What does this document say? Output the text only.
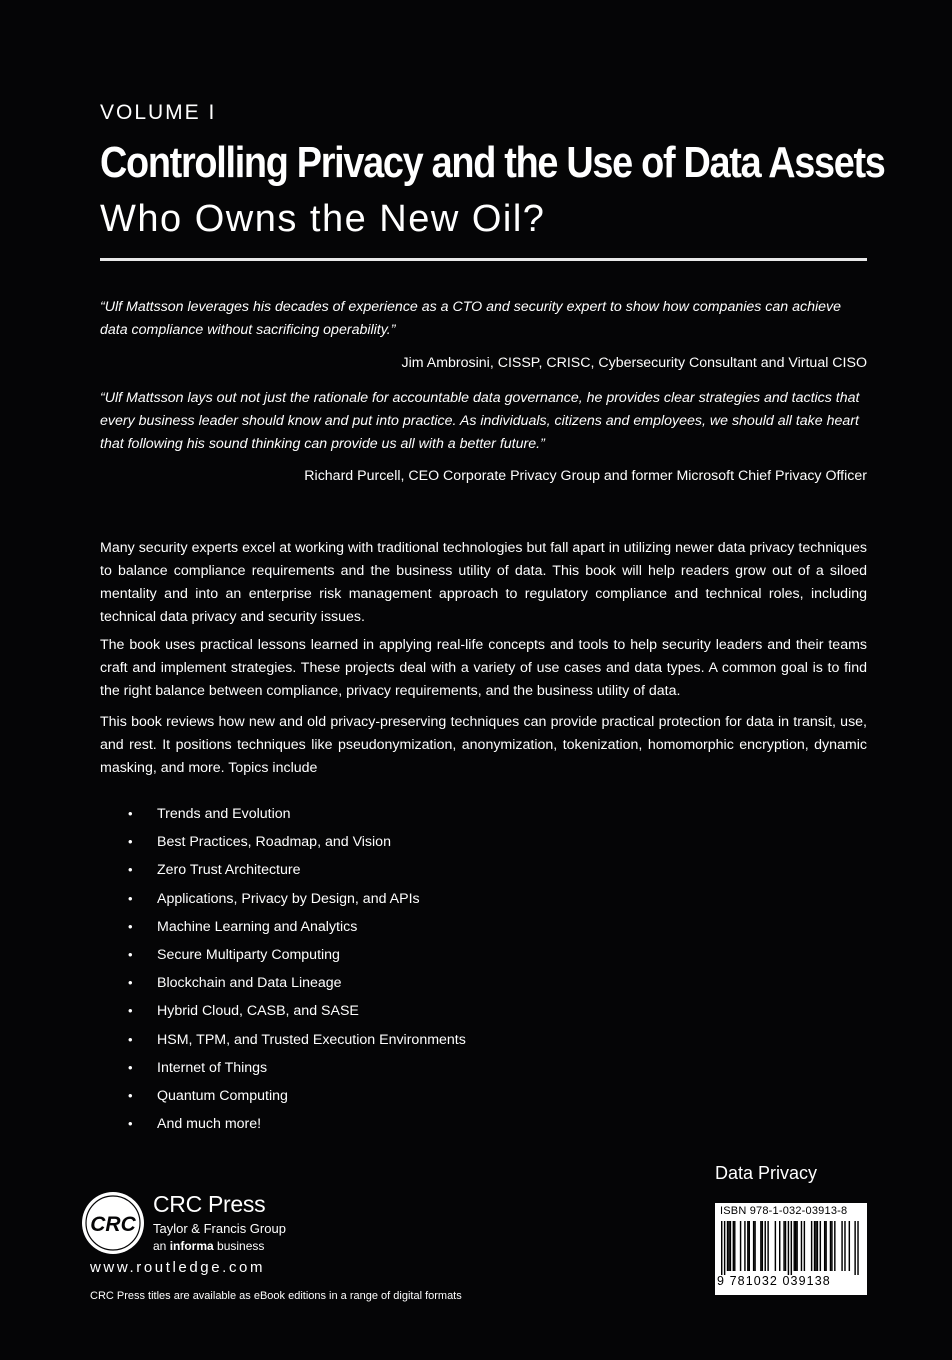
VOLUME I
Controlling Privacy and the Use of Data Assets
Who Owns the New Oil?
“Ulf Mattsson leverages his decades of experience as a CTO and security expert to show how companies can achieve data compliance without sacrificing operability.”
Jim Ambrosini, CISSP, CRISC, Cybersecurity Consultant and Virtual CISO
“Ulf Mattsson lays out not just the rationale for accountable data governance, he provides clear strategies and tactics that every business leader should know and put into practice. As individuals, citizens and employees, we should all take heart that following his sound thinking can provide us all with a better future.”
Richard Purcell, CEO Corporate Privacy Group and former Microsoft Chief Privacy Officer
Many security experts excel at working with traditional technologies but fall apart in utilizing newer data privacy techniques to balance compliance requirements and the business utility of data. This book will help readers grow out of a siloed mentality and into an enterprise risk management approach to regulatory compliance and technical roles, including technical data privacy and security issues.
The book uses practical lessons learned in applying real-life concepts and tools to help security leaders and their teams craft and implement strategies. These projects deal with a variety of use cases and data types. A common goal is to find the right balance between compliance, privacy requirements, and the business utility of data.
This book reviews how new and old privacy-preserving techniques can provide practical protection for data in transit, use, and rest. It positions techniques like pseudonymization, anonymization, tokenization, homomorphic encryption, dynamic masking, and more. Topics include
• Trends and Evolution
• Best Practices, Roadmap, and Vision
• Zero Trust Architecture
• Applications, Privacy by Design, and APIs
• Machine Learning and Analytics
• Secure Multiparty Computing
• Blockchain and Data Lineage
• Hybrid Cloud, CASB, and SASE
• HSM, TPM, and Trusted Execution Environments
• Internet of Things
• Quantum Computing
• And much more!
CRC
CRC Press
Taylor & Francis Group
an informa business
www.routledge.com
CRC Press titles are available as eBook editions in a range of digital formats
Data Privacy
ISBN 978-1-032-03913-8
9 781032 039138
